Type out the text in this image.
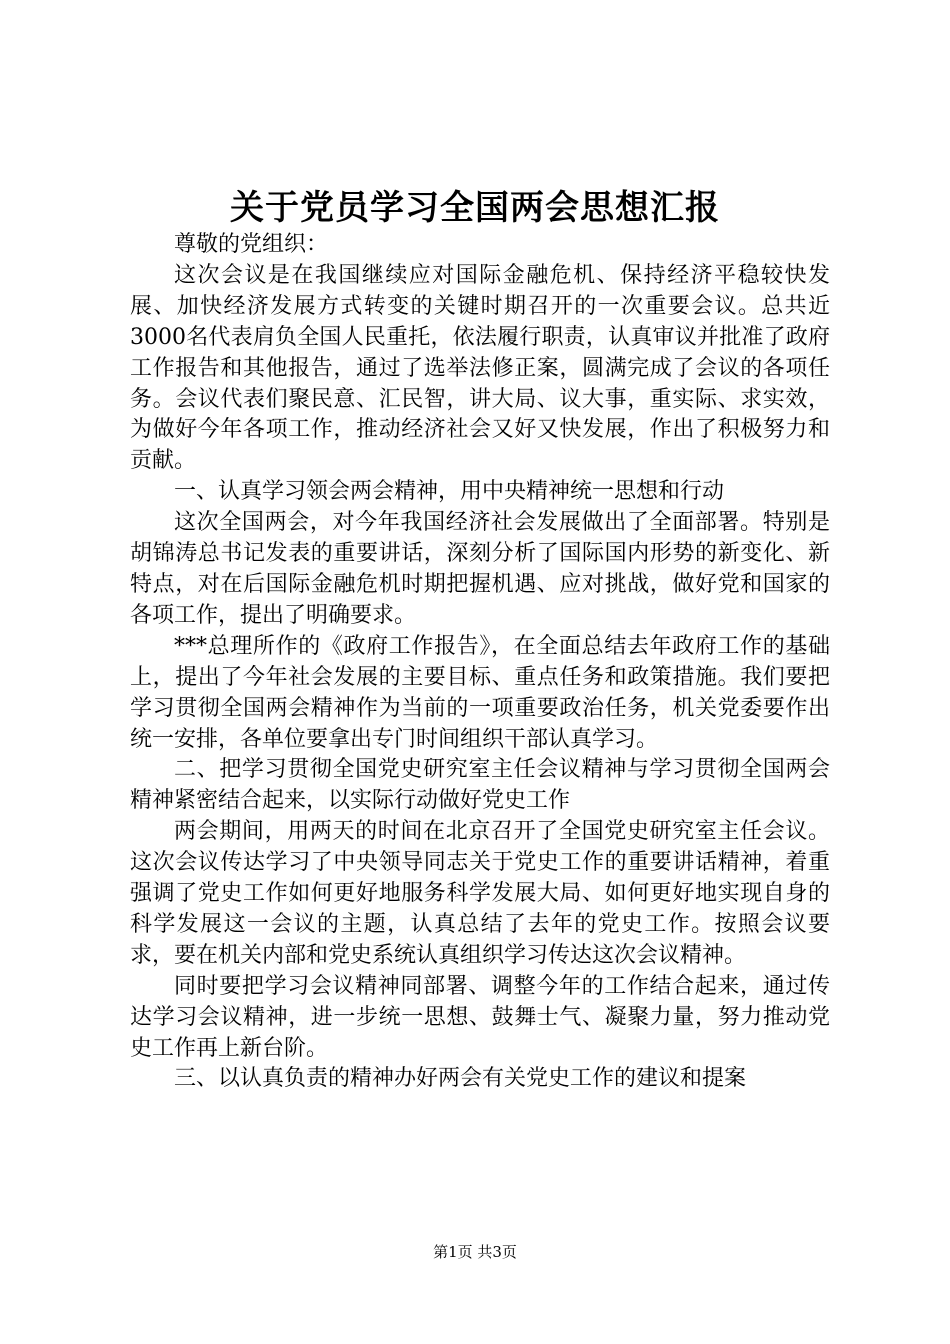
关于党员学习全国两会思想汇报

尊敬的党组织：

这次会议是在我国继续应对国际金融危机、保持经济平稳较快发展、加快经济发展方式转变的关键时期召开的一次重要会议。总共近3000名代表肩负全国人民重托，依法履行职责，认真审议并批准了政府工作报告和其他报告，通过了选举法修正案，圆满完成了会议的各项任务。会议代表们聚民意、汇民智，讲大局、议大事，重实际、求实效，为做好今年各项工作，推动经济社会又好又快发展，作出了积极努力和贡献。

一、认真学习领会两会精神，用中央精神统一思想和行动

这次全国两会，对今年我国经济社会发展做出了全面部署。特别是胡锦涛总书记发表的重要讲话，深刻分析了国际国内形势的新变化、新特点，对在后国际金融危机时期把握机遇、应对挑战，做好党和国家的各项工作，提出了明确要求。

***总理所作的《政府工作报告》，在全面总结去年政府工作的基础上，提出了今年社会发展的主要目标、重点任务和政策措施。我们要把学习贯彻全国两会精神作为当前的一项重要政治任务，机关党委要作出统一安排，各单位要拿出专门时间组织干部认真学习。

二、把学习贯彻全国党史研究室主任会议精神与学习贯彻全国两会精神紧密结合起来，以实际行动做好党史工作

两会期间，用两天的时间在北京召开了全国党史研究室主任会议。这次会议传达学习了中央领导同志关于党史工作的重要讲话精神，着重强调了党史工作如何更好地服务科学发展大局、如何更好地实现自身的科学发展这一会议的主题，认真总结了去年的党史工作。按照会议要求，要在机关内部和党史系统认真组织学习传达这次会议精神。

同时要把学习会议精神同部署、调整今年的工作结合起来，通过传达学习会议精神，进一步统一思想、鼓舞士气、凝聚力量，努力推动党史工作再上新台阶。

三、以认真负责的精神办好两会有关党史工作的建议和提案

第1页 共3页
